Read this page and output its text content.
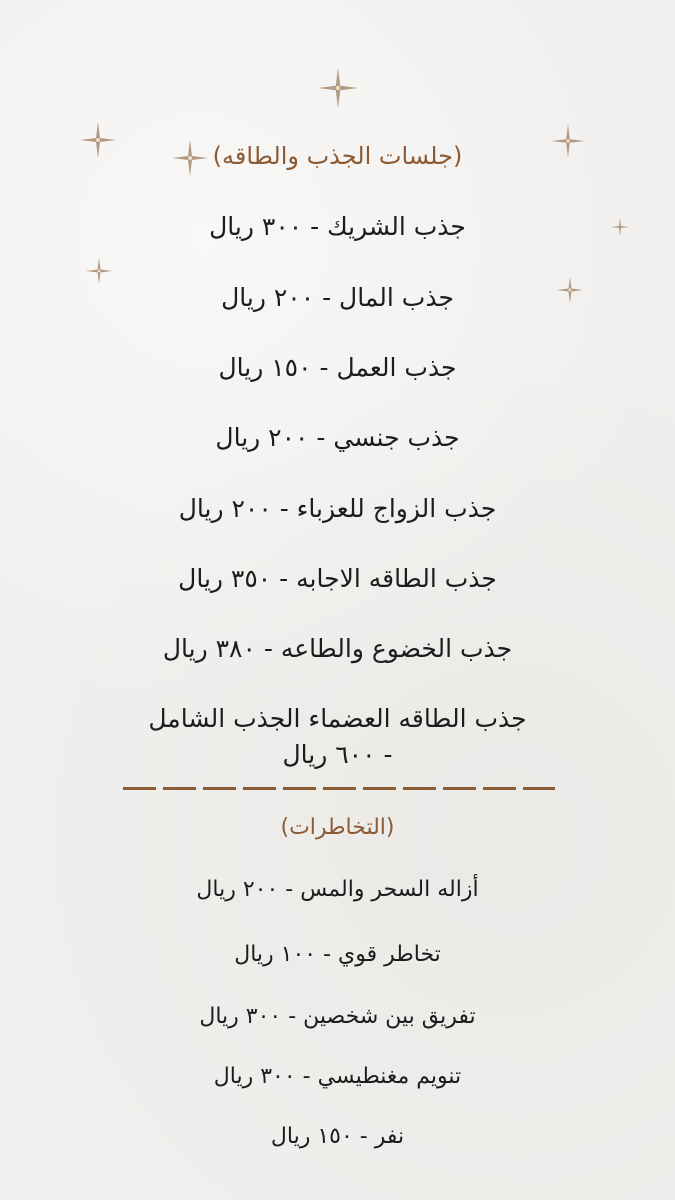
(جلسات الجذب والطاقه)
جذب الشريك - ٣٠٠ ريال
جذب المال - ٢٠٠ ريال
جذب العمل - ١٥٠ ريال
جذب جنسي - ٢٠٠ ريال
جذب الزواج للعزباء - ٢٠٠ ريال
جذب الطاقه الاجابه - ٣٥٠ ريال
جذب الخضوع والطاعه - ٣٨٠ ريال
جذب الطاقه العضماء الجذب الشامل
- ٦٠٠ ريال
(التخاطرات)
أزاله السحر والمس - ٢٠٠ ريال
تخاطر قوي - ١٠٠ ريال
تفريق بين شخصين - ٣٠٠ ريال
تنويم مغنطيسي - ٣٠٠ ريال
نفر - ١٥٠ ريال
